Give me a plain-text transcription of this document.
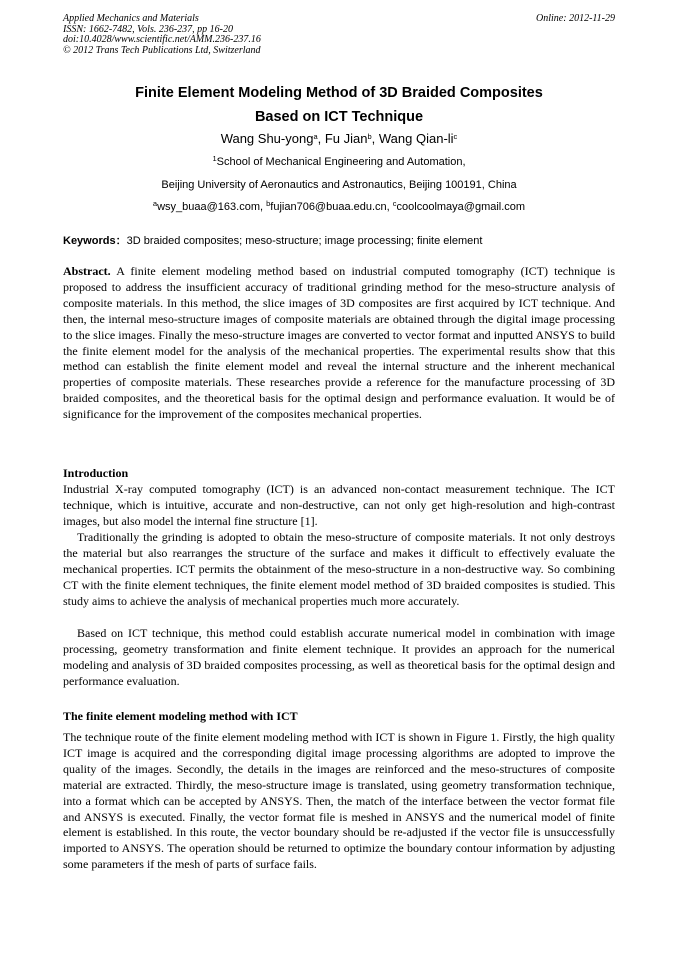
Applied Mechanics and Materials
ISSN: 1662-7482, Vols. 236-237, pp 16-20
doi:10.4028/www.scientific.net/AMM.236-237.16
© 2012 Trans Tech Publications Ltd, Switzerland
Online: 2012-11-29
Finite Element Modeling Method of 3D Braided Composites
Based on ICT Technique
Wang Shu-yong$^a$, Fu Jian$^b$, Wang Qian-$li^c$
$^1$School of Mechanical Engineering and Automation,
Beijing University of Aeronautics and Astronautics, Beijing 100191, China
$^a$wsy_buaa@163.com, $^b$fujian706@buaa.edu.cn, $^c$coolcoolmaya@gmail.com
Keywords：3D braided composites; meso-structure; image processing; finite element
Abstract. A finite element modeling method based on industrial computed tomography (ICT) technique is proposed to address the insufficient accuracy of traditional grinding method for the meso-structure analysis of composite materials. In this method, the slice images of 3D composites are first acquired by ICT technique. And then, the internal meso-structure images of composite materials are obtained through the digital image processing to the slice images. Finally the meso-structure images are converted to vector format and inputted ANSYS to build the finite element model for the analysis of the mechanical properties. The experimental results show that this method can establish the finite element model and reveal the internal structure and the inherent mechanical properties of composite materials. These researches provide a reference for the manufacture processing of 3D braided composites, and the theoretical basis for the optimal design and performance evaluation. It would be of significance for the improvement of the composites mechanical properties.
Introduction
Industrial X-ray computed tomography (ICT) is an advanced non-contact measurement technique. The ICT technique, which is intuitive, accurate and non-destructive, can not only get high-resolution and high-contrast images, but also model the internal fine structure [1].
Traditionally the grinding is adopted to obtain the meso-structure of composite materials. It not only destroys the material but also rearranges the structure of the surface and makes it difficult to effectively evaluate the mechanical properties. ICT permits the obtainment of the meso-structure in a non-destructive way. So combining CT with the finite element techniques, the finite element model method of 3D braided composites is studied. This study aims to achieve the analysis of mechanical properties much more accurately.
Based on ICT technique, this method could establish accurate numerical model in combination with image processing, geometry transformation and finite element technique. It provides an approach for the numerical modeling and analysis of 3D braided composites processing, as well as theoretical basis for the optimal design and performance evaluation.
The finite element modeling method with ICT
The technique route of the finite element modeling method with ICT is shown in Figure 1. Firstly, the high quality ICT image is acquired and the corresponding digital image processing algorithms are adopted to improve the quality of the images. Secondly, the details in the images are reinforced and the meso-structures of composite material are extracted. Thirdly, the meso-structure image is translated, using geometry transformation technique, into a format which can be accepted by ANSYS. Then, the match of the interface between the vector format file and ANSYS is executed. Finally, the vector format file is meshed in ANSYS and the numerical model of finite element is established. In this route, the vector boundary should be re-adjusted if the vector file is unsuccessfully imported to ANSYS. The operation should be returned to optimize the boundary contour information by adjusting some parameters if the mesh of parts of surface fails.
